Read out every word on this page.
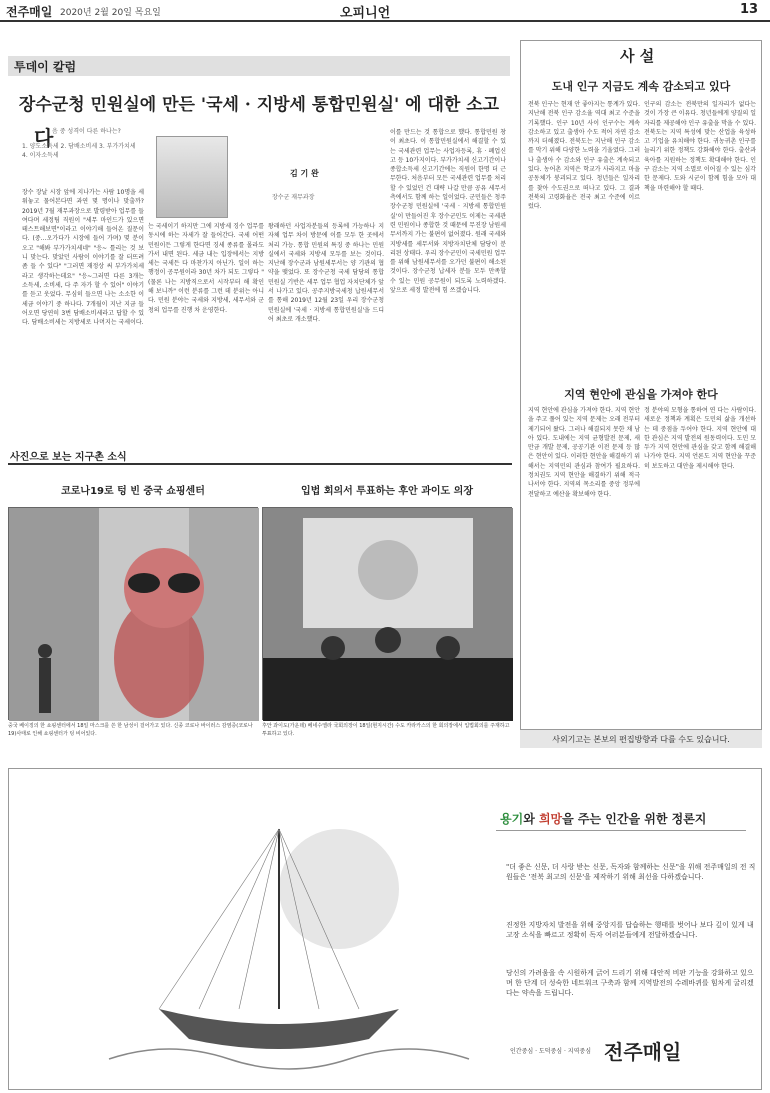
전주매일 2020년 2월 20일 목요일	오피니언	13
투데이 칼럼
장수군청 민원실에 만든 '국세 · 지방세 통합민원실' 에 대한 소고
다
음 중 성격이 다른 하나는?
1. 양도소득세 2. 담배소비세 3. 부가가치세 4. 이자소득세
김 기 완
장수군 재무과장
장수 장날 시장 앞에 지나가는 사람 10명을 세워놓고 물어본다면 과연 몇 명이나 맞출까? 2019년 7월 재무과장으로 발령받아 업무를 들여다며 세정팀 직원이 "세무 마인드가 있으면 테스트해보면"이라고 이야기해 들어온 질문이다. (중…오가다가 시장에 들어 가며) 몇 분이 오고 "해봐 부가가치세네" "응~ 틀리는 것 보니 맞는다. 맞았던 사람이 이야기를 잘 터뜨려 좀 들 수 있다" "그러면 재정상 써 부가가치세라고 생각하는데요" "응~그러면 다른 3개는 소득세, 소비세, 다 주 자가 할 수 있어" 이야기를 듣고 웃었다. 무심히 들으면 나는 소소한 이 세금 이야기 중 하나다. 7개월이 지난 지금 들어오면 당연히 3번 담배소비세라고 답할 수 있다. 담배소비세는 지방세로 나머지는 국세이다.
는 국세이기 하지만 그에 지방세 징수 업무를 동시에 하는 자세가 잘 들어간다. 국세 어떤 민원이든 그렇게 한다면 징세 종류를 몰라도 가서 내면 된다. 세금 내는 입장에서는 지방세는 국세든 다 마찬가지 아닌가. 일이 하는 행정이 공무원이라 30년 차가 되도 그렇다 "(물론 나는 지방직으로서 시작부터 해 확인해 보니까" 이런 분류를 그런 데 분위는 아니다. 민원 분야는 국세와 지방세, 세무서와 군청의 업무를 진행 차 운영한다.
왕래하던 사업자분들의 등록에 가능하나 지자체 업무 차이 방문에 이를 모두 한 곳에서 처리 가능. 통합 민원의 특징 중 하나는 민원실에서 국세와 지방세 모두를 보는 것이다. 지난해 장수군과 남원세무서는 양 기관의 협약을 맺었다. 또 장수군청 국세 담당의 통합민원실 기반은 세무 업무 협업 자치단체가 앞서 나가고 있다. 공주지방국세청 납원세무서를 통해 2019년 12월 23일 우리 장수군청 민원실에 '국세 · 지방세 통합민원실'을 드디어 최초로 개소했다.
이를 만드는 것 통합으로 했다. 통합민원 창이 최초다. 이 통합민원실에서 해결할 수 있는 국세관련 업무는 사업자등록, 휴 · 폐업신고 등 10가지이다. 부가가치세 신고기간이나 종합소득세 신고기간에는 직원이 한명 더 근무한다. 처음부터 모든 국세관련 업무를 처리할 수 있었던 건 대략 나갈 만큼 공유 세무서 측에서도 함께 하는 일이었다. 군민들은 청주 장수군청 민원실에 '국세 · 지방세 통합민원실'이 만들어진 후 장수군민도 이제는 국세관련 민원이나 종합한 것 때문에 무진장 남원세무서까지 가는 불편이 없어졌다. 원래 국세와 지방세를 세무서와 지방자치단체 담당이 분리된 상태다. 우리 장수군민이 국세민원 업무를 위해 남원세무서를 오가던 불편이 해소된 것이다. 장수군청 납세자 분들 모두 만족할 수 있는 민원 공무원이 되도록 노력하겠다. 앞으로 세정 발전에 힘 쓰겠습니다.
사 설
도내 인구 지금도 계속 감소되고 있다
전북 인구는 현재 안 좋아지는 통계가 있다. 지난해 전북 인구 감소율 역대 최고 수준을 기록했다. 인구 10년 사이 인구수는 계속 감소하고 있고 출생아 수도 적어 자연 감소까지 더해졌다. 전북도는 지난해 인구 감소를 막기 위해 다양한 노력을 기울였다. 그러나 출생아 수 감소와 인구 유출은 계속되고 있다. 농어촌 지역은 학교가 사라지고 마을 공동체가 붕괴되고 있다. 청년들은 일자리를 찾아 수도권으로 떠나고 있다. 그 결과 전북의 고령화율은 전국 최고 수준에 이르렀다.
인구의 감소는 전북만의 일자리가 없다는 것이 가장 큰 이유다. 청년들에게 양질의 일자리를 제공해야 인구 유출을 막을 수 있다. 전북도는 지역 특성에 맞는 산업을 육성하고 기업을 유치해야 한다. 귀농귀촌 인구를 늘리기 위한 정책도 강화해야 한다. 출산과 육아를 지원하는 정책도 확대해야 한다. 인구 감소는 지역 소멸로 이어질 수 있는 심각한 문제다. 도와 시군이 함께 힘을 모아 대책을 마련해야 할 때다.
지역 현안에 관심을 가져야 한다
지역 현안에 관심을 가져야 한다. 지역 현안을 주고 풀어 있는 지역 문제는 오래 전부터 제기되어 왔다. 그러나 해결되지 못한 채 남아 있다. 도내에는 지역 균형발전 문제, 새만금 개발 문제, 공공기관 이전 문제 등 많은 현안이 있다. 이러한 현안을 해결하기 위해서는 지역민의 관심과 참여가 필요하다. 정치권도 지역 현안을 해결하기 위해 적극 나서야 한다. 지역의 목소리를 중앙 정부에 전달하고 예산을 확보해야 한다.
정 분야의 모형을 통하여 연 다는 사람이다. 새로운 정책과 계획은 도민의 삶을 개선하는 데 중점을 두어야 한다. 지역 현안에 대한 관심은 지역 발전의 원동력이다. 도민 모두가 지역 현안에 관심을 갖고 함께 해결해 나가야 한다. 지역 언론도 지역 현안을 꾸준히 보도하고 대안을 제시해야 한다.
사외기고는 본보의 편집방향과 다를 수도 있습니다.
사진으로 보는 지구촌 소식
코로나19로 텅 빈 중국 쇼핑센터	입법 회의서 투표하는 후안 과이도 의장
중국 베이징의 한 쇼핑센터에서 18일 마스크를 쓴 한 남성이 걸어가고 있다. 신종 코로나 바이러스 감염증(코로나19)사태로 인해 쇼핑센터가 텅 비어있다.
후안 과이도(가운데) 베네수엘라 국회의장이 18일(현지시간) 수도 카라카스의 한 회의장에서 입법회의를 주재하고 투표하고 있다.
용기와 희망을 주는 인간을 위한 정론지
"더 좋은 신문, 더 사랑 받는 신문, 독자와 함께하는 신문"을 위해 전주매일의 전 직원들은 '전북 최고의 신문'을 제작하기 위해 최선을 다하겠습니다.
진정한 지방자치 발전을 위해 중앙지를 답습하는 행태를 벗어나 보다 깊이 있게 내 고장 소식을 빠르고 정확히 독자 여러분들에게 전달하겠습니다.
당신의 가려움을 속 시원하게 긁어 드리기 위해 대안적 비판 기능을 강화하고 있으며 한 단계 더 성숙한 네트워크 구축과 함께 지역발전의 수레바퀴를 힘차게 굴리겠다는 약속을 드립니다.
인간중심 · 도덕중심 · 지역중심 전주매일
